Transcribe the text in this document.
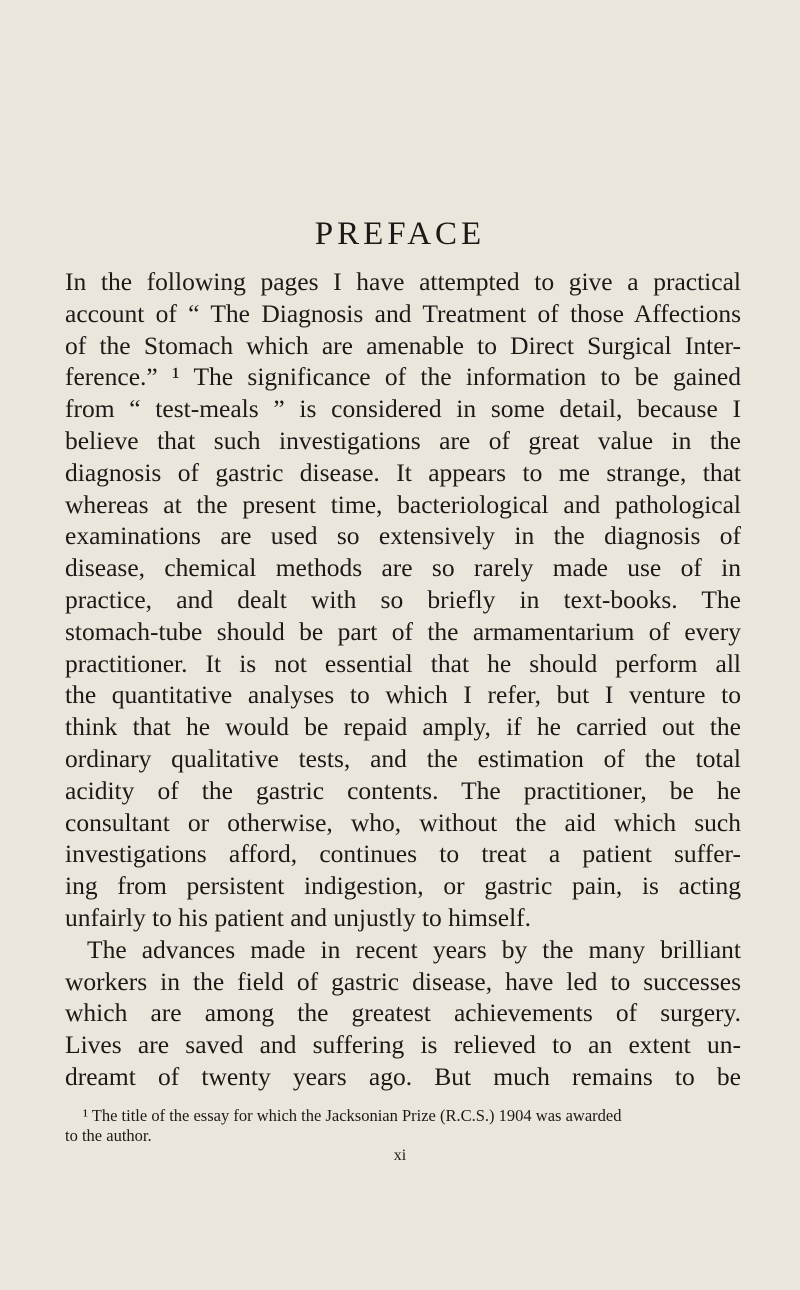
PREFACE
In the following pages I have attempted to give a practical
account of “ The Diagnosis and Treatment of those Affections
of the Stomach which are amenable to Direct Surgical Inter-
ference.” ¹ The significance of the information to be gained
from “ test-meals ” is considered in some detail, because I
believe that such investigations are of great value in the
diagnosis of gastric disease. It appears to me strange, that
whereas at the present time, bacteriological and pathological
examinations are used so extensively in the diagnosis of
disease, chemical methods are so rarely made use of in
practice, and dealt with so briefly in text-books. The
stomach-tube should be part of the armamentarium of every
practitioner. It is not essential that he should perform all
the quantitative analyses to which I refer, but I venture to
think that he would be repaid amply, if he carried out the
ordinary qualitative tests, and the estimation of the total
acidity of the gastric contents. The practitioner, be he
consultant or otherwise, who, without the aid which such
investigations afford, continues to treat a patient suffer-
ing from persistent indigestion, or gastric pain, is acting
unfairly to his patient and unjustly to himself.
The advances made in recent years by the many brilliant
workers in the field of gastric disease, have led to successes
which are among the greatest achievements of surgery.
Lives are saved and suffering is relieved to an extent un-
dreamt of twenty years ago. But much remains to be
¹ The title of the essay for which the Jacksonian Prize (R.C.S.) 1904 was awarded
to the author.
xi
